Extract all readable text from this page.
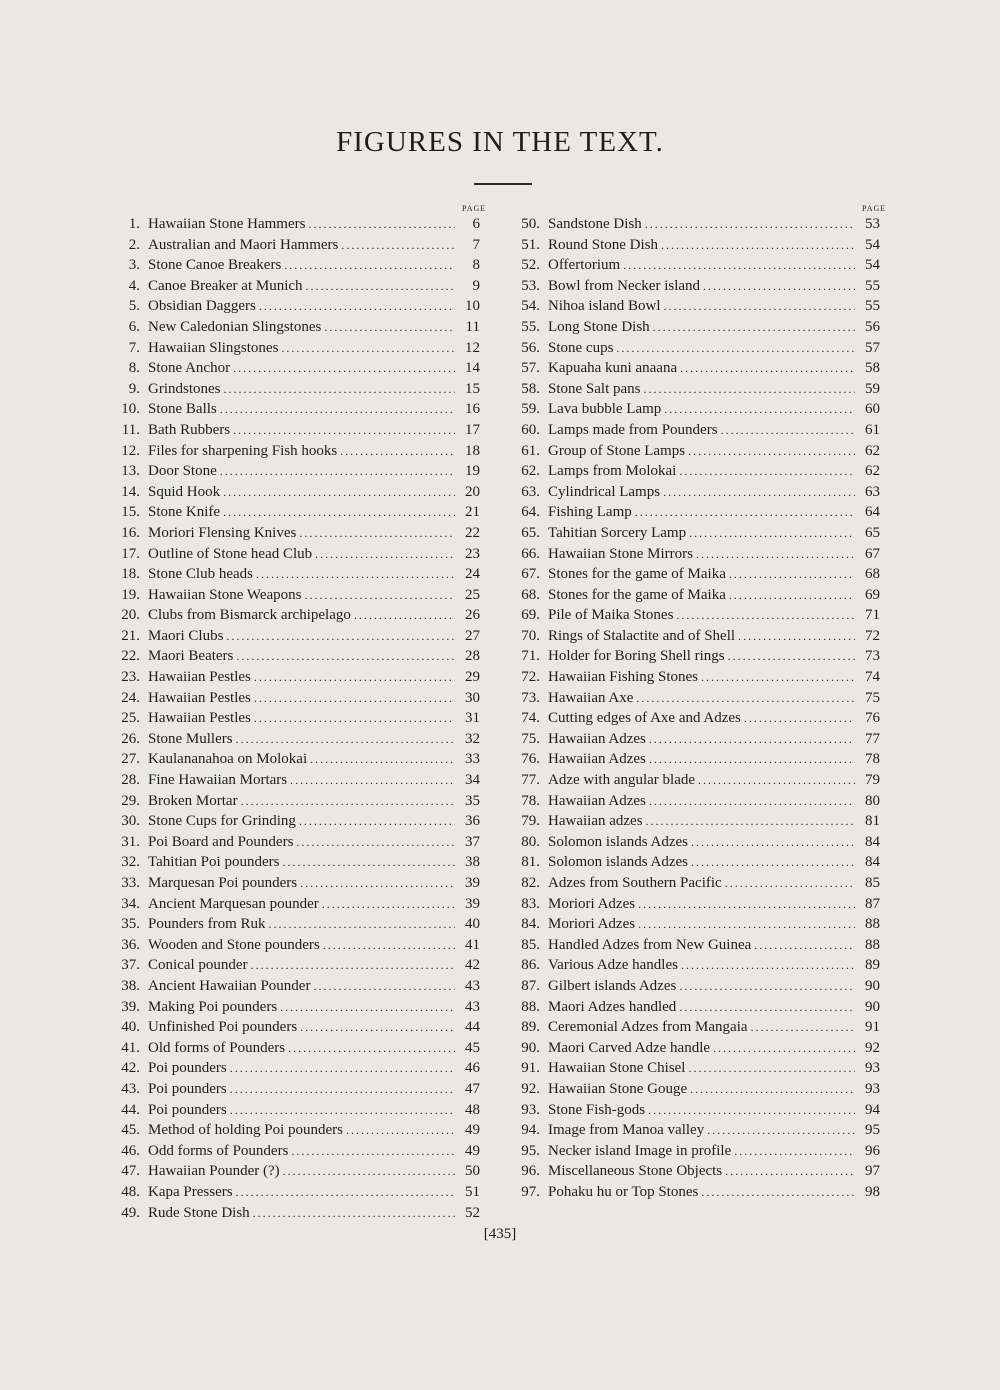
FIGURES IN THE TEXT.
PAGE	PAGE
1. Hawaiian Stone Hammers .....	6
2. Australian and Maori Hammers .....	7
3. Stone Canoe Breakers .....	8
4. Canoe Breaker at Munich .....	9
5. Obsidian Daggers .....	10
6. New Caledonian Slingstones .....	11
7. Hawaiian Slingstones .....	12
8. Stone Anchor .....	14
9. Grindstones .....	15
10. Stone Balls .....	16
11. Bath Rubbers .....	17
12. Files for sharpening Fish hooks .....	18
13. Door Stone .....	19
14. Squid Hook .....	20
15. Stone Knife .....	21
16. Moriori Flensing Knives .....	22
17. Outline of Stone head Club .....	23
18. Stone Club heads .....	24
19. Hawaiian Stone Weapons .....	25
20. Clubs from Bismarck archipelago .....	26
21. Maori Clubs .....	27
22. Maori Beaters .....	28
23. Hawaiian Pestles .....	29
24. Hawaiian Pestles .....	30
25. Hawaiian Pestles .....	31
26. Stone Mullers .....	32
27. Kaulananahoa on Molokai .....	33
28. Fine Hawaiian Mortars .....	34
29. Broken Mortar .....	35
30. Stone Cups for Grinding .....	36
31. Poi Board and Pounders .....	37
32. Tahitian Poi pounders .....	38
33. Marquesan Poi pounders .....	39
34. Ancient Marquesan pounder .....	39
35. Pounders from Ruk .....	40
36. Wooden and Stone pounders .....	41
37. Conical pounder .....	42
38. Ancient Hawaiian Pounder .....	43
39. Making Poi pounders .....	43
40. Unfinished Poi pounders .....	44
41. Old forms of Pounders .....	45
42. Poi pounders .....	46
43. Poi pounders .....	47
44. Poi pounders .....	48
45. Method of holding Poi pounders .....	49
46. Odd forms of Pounders .....	49
47. Hawaiian Pounder (?) .....	50
48. Kapa Pressers .....	51
49. Rude Stone Dish .....	52
50. Sandstone Dish .....	53
51. Round Stone Dish .....	54
52. Offertorium .....	54
53. Bowl from Necker island .....	55
54. Nihoa island Bowl .....	55
55. Long Stone Dish .....	56
56. Stone cups .....	57
57. Kapuaha kuni anaana .....	58
58. Stone Salt pans .....	59
59. Lava bubble Lamp .....	60
60. Lamps made from Pounders .....	61
61. Group of Stone Lamps .....	62
62. Lamps from Molokai .....	62
63. Cylindrical Lamps .....	63
64. Fishing Lamp .....	64
65. Tahitian Sorcery Lamp .....	65
66. Hawaiian Stone Mirrors .....	67
67. Stones for the game of Maika .....	68
68. Stones for the game of Maika .....	69
69. Pile of Maika Stones .....	71
70. Rings of Stalactite and of Shell .....	72
71. Holder for Boring Shell rings .....	73
72. Hawaiian Fishing Stones .....	74
73. Hawaiian Axe .....	75
74. Cutting edges of Axe and Adzes .....	76
75. Hawaiian Adzes .....	77
76. Hawaiian Adzes .....	78
77. Adze with angular blade .....	79
78. Hawaiian Adzes .....	80
79. Hawaiian adzes .....	81
80. Solomon islands Adzes .....	84
81. Solomon islands Adzes .....	84
82. Adzes from Southern Pacific .....	85
83. Moriori Adzes .....	87
84. Moriori Adzes .....	88
85. Handled Adzes from New Guinea .....	88
86. Various Adze handles .....	89
87. Gilbert islands Adzes .....	90
88. Maori Adzes handled .....	90
89. Ceremonial Adzes from Mangaia .....	91
90. Maori Carved Adze handle .....	92
91. Hawaiian Stone Chisel .....	93
92. Hawaiian Stone Gouge .....	93
93. Stone Fish-gods .....	94
94. Image from Manoa valley .....	95
95. Necker island Image in profile .....	96
96. Miscellaneous Stone Objects .....	97
97. Pohaku hu or Top Stones .....	98
[435]
